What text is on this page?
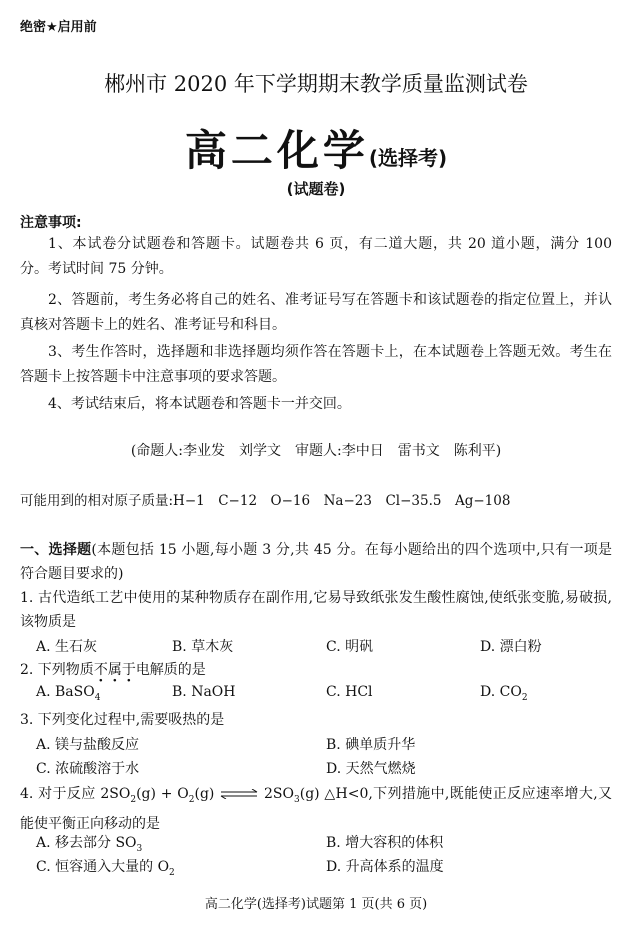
绝密★启用前
郴州市 2020 年下学期期末教学质量监测试卷
高二化学(选择考)
(试题卷)
注意事项:
1、本试卷分试题卷和答题卡。试题卷共 6 页，有二道大题，共 20 道小题，满分 100 分。考试时间 75 分钟。
2、答题前，考生务必将自己的姓名、准考证号写在答题卡和该试题卷的指定位置上，并认真核对答题卡上的姓名、准考证号和科目。
3、考生作答时，选择题和非选择题均须作答在答题卡上，在本试题卷上答题无效。考生在答题卡上按答题卡中注意事项的要求答题。
4、考试结束后，将本试题卷和答题卡一并交回。
(命题人:李业发　刘学文　审题人:李中日　雷书文　陈利平)
可能用到的相对原子质量:H−1　C−12　O−16　Na−23　Cl−35.5　Ag−108
一、选择题(本题包括 15 小题,每小题 3 分,共 45 分。在每小题给出的四个选项中,只有一项是符合题目要求的)
1. 古代造纸工艺中使用的某种物质存在副作用,它易导致纸张发生酸性腐蚀,使纸张变脆,易破损,该物质是
A. 生石灰	B. 草木灰	C. 明矾	D. 漂白粉
2. 下列物质不属于电解质的是
A. BaSO$_4$	B. NaOH	C. HCl	D. $CO_2$
3. 下列变化过程中,需要吸热的是
A. 镁与盐酸反应	B. 碘单质升华
C. 浓硫酸溶于水	D. 天然气燃烧
4. 对于反应 $2SO_2(g) + O_2(g)$ ⇌ $2SO_3(g)$ △H<0,下列措施中,既能使正反应速率增大,又能使平衡正向移动的是
A. 移去部分 $SO_3$	B. 增大容积的体积
C. 恒容通入大量的 $O_2$	D. 升高体系的温度
高二化学(选择考)试题第 1 页(共 6 页)
